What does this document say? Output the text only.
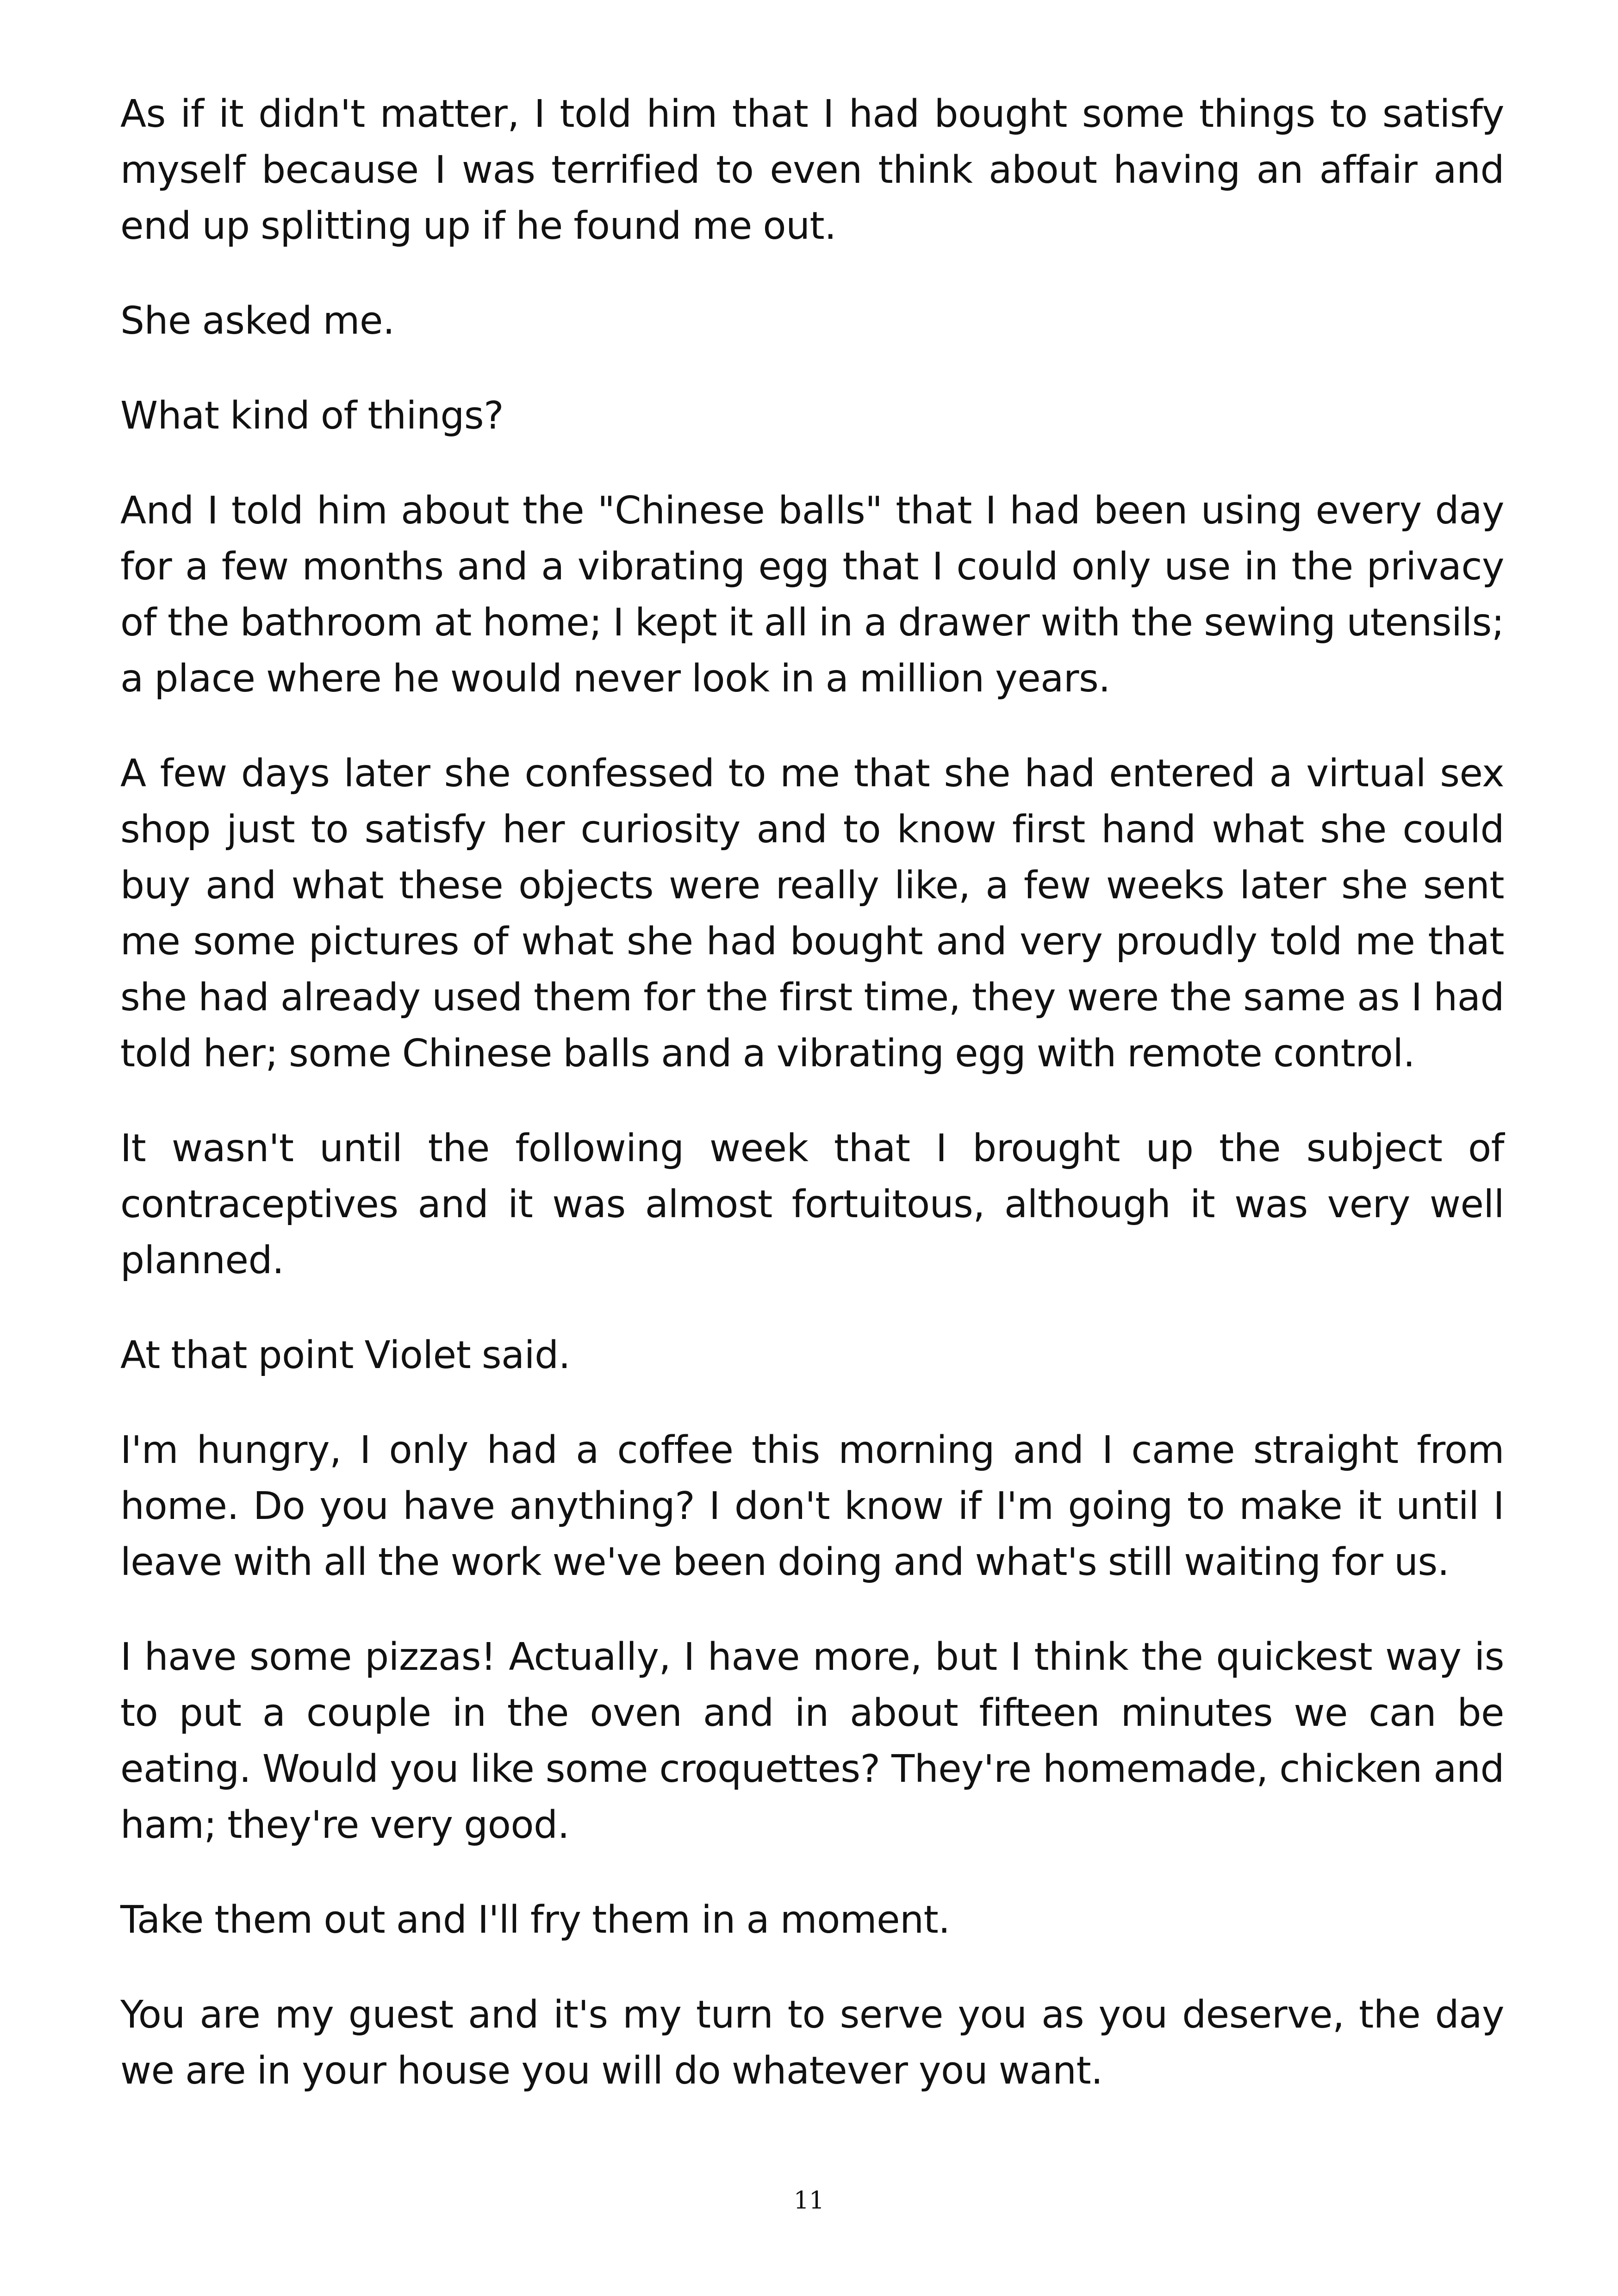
As if it didn't matter, I told him that I had bought some things to satisfy myself because I was terrified to even think about having an affair and end up splitting up if he found me out.

She asked me.

What kind of things?

And I told him about the "Chinese balls" that I had been using every day for a few months and a vibrating egg that I could only use in the privacy of the bathroom at home; I kept it all in a drawer with the sewing utensils; a place where he would never look in a million years.

A few days later she confessed to me that she had entered a virtual sex shop just to satisfy her curiosity and to know first hand what she could buy and what these objects were really like, a few weeks later she sent me some pictures of what she had bought and very proudly told me that she had already used them for the first time, they were the same as I had told her; some Chinese balls and a vibrating egg with remote control.

It wasn't until the following week that I brought up the subject of contraceptives and it was almost fortuitous, although it was very well planned.

At that point Violet said.

I'm hungry, I only had a coffee this morning and I came straight from home. Do you have anything? I don't know if I'm going to make it until I leave with all the work we've been doing and what's still waiting for us.

I have some pizzas! Actually, I have more, but I think the quickest way is to put a couple in the oven and in about fifteen minutes we can be eating. Would you like some croquettes? They're homemade, chicken and ham; they're very good.

Take them out and I'll fry them in a moment.

You are my guest and it's my turn to serve you as you deserve, the day we are in your house you will do whatever you want.

11
